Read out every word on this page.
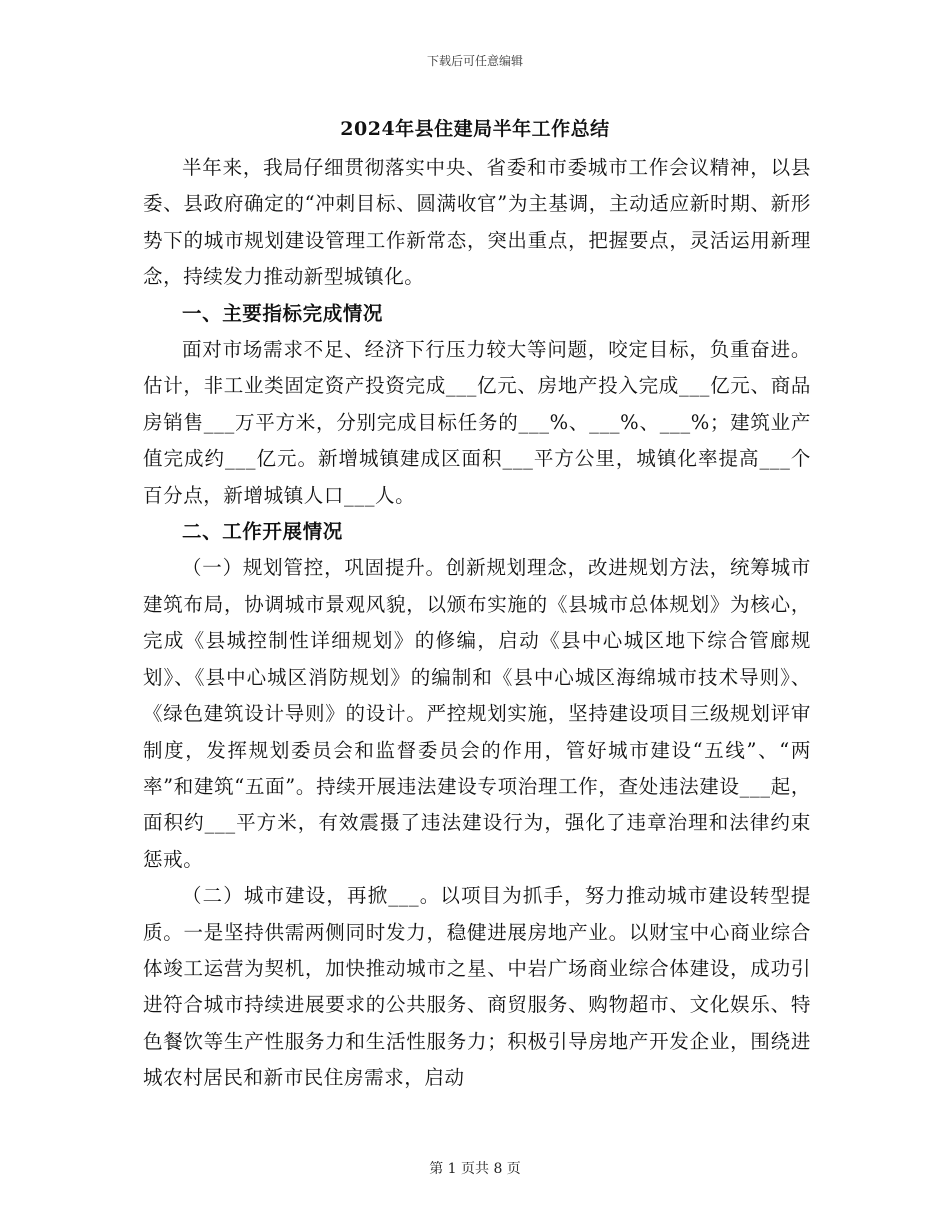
下载后可任意编辑
2024年县住建局半年工作总结

半年来，我局仔细贯彻落实中央、省委和市委城市工作会议精神，以县委、县政府确定的“冲刺目标、圆满收官”为主基调，主动适应新时期、新形势下的城市规划建设管理工作新常态，突出重点，把握要点，灵活运用新理念，持续发力推动新型城镇化。

一、主要指标完成情况

面对市场需求不足、经济下行压力较大等问题，咬定目标，负重奋进。估计，非工业类固定资产投资完成___亿元、房地产投入完成___亿元、商品房销售___万平方米，分别完成目标任务的___%、___%、___%；建筑业产值完成约___亿元。新增城镇建成区面积___平方公里，城镇化率提高___个百分点，新增城镇人口___人。

二、工作开展情况

（一）规划管控，巩固提升。创新规划理念，改进规划方法，统筹城市建筑布局，协调城市景观风貌，以颁布实施的《县城市总体规划》为核心，完成《县城控制性详细规划》的修编，启动《县中心城区地下综合管廊规划》、《县中心城区消防规划》的编制和《县中心城区海绵城市技术导则》、《绿色建筑设计导则》的设计。严控规划实施，坚持建设项目三级规划评审制度，发挥规划委员会和监督委员会的作用，管好城市建设“五线”、“两率”和建筑“五面”。持续开展违法建设专项治理工作，查处违法建设___起，面积约___平方米，有效震摄了违法建设行为，强化了违章治理和法律约束惩戒。

（二）城市建设，再掀___。以项目为抓手，努力推动城市建设转型提质。一是坚持供需两侧同时发力，稳健进展房地产业。以财宝中心商业综合体竣工运营为契机，加快推动城市之星、中岩广场商业综合体建设，成功引进符合城市持续进展要求的公共服务、商贸服务、购物超市、文化娱乐、特色餐饮等生产性服务力和生活性服务力；积极引导房地产开发企业，围绕进城农村居民和新市民住房需求，启动

第 1 页共 8 页
